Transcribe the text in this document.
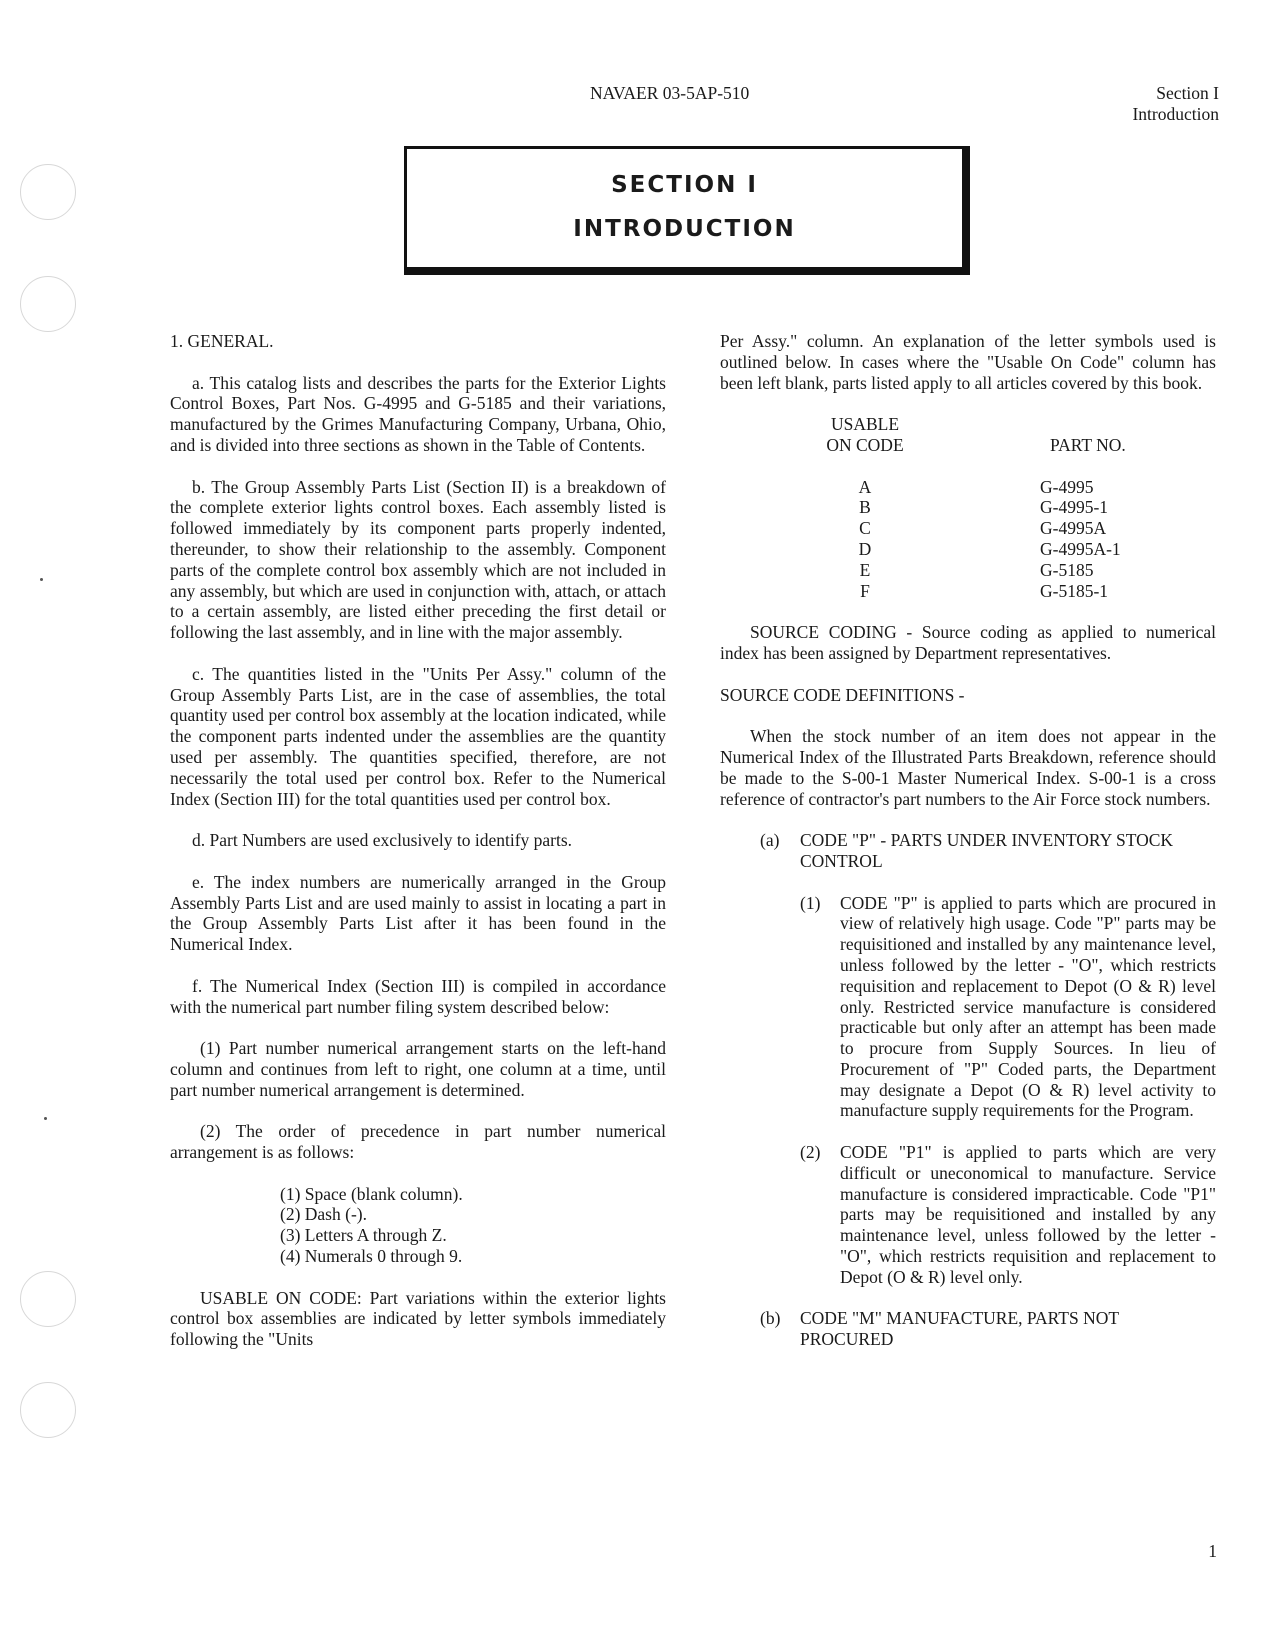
NAVAER 03-5AP-510	Section I
Introduction
SECTION I
INTRODUCTION

1. GENERAL.

a. This catalog lists and describes the parts for the Exterior Lights Control Boxes, Part Nos. G-4995 and G-5185 and their variations, manufactured by the Grimes Manufacturing Company, Urbana, Ohio, and is divided into three sections as shown in the Table of Contents.

b. The Group Assembly Parts List (Section II) is a breakdown of the complete exterior lights control boxes. Each assembly listed is followed immediately by its component parts properly indented, thereunder, to show their relationship to the assembly. Component parts of the complete control box assembly which are not included in any assembly, but which are used in conjunction with, attach, or attach to a certain assembly, are listed either preceding the first detail or following the last assembly, and in line with the major assembly.

c. The quantities listed in the "Units Per Assy." column of the Group Assembly Parts List, are in the case of assemblies, the total quantity used per control box assembly at the location indicated, while the component parts indented under the assemblies are the quantity used per assembly. The quantities specified, therefore, are not necessarily the total used per control box. Refer to the Numerical Index (Section III) for the total quantities used per control box.

d. Part Numbers are used exclusively to identify parts.

e. The index numbers are numerically arranged in the Group Assembly Parts List and are used mainly to assist in locating a part in the Group Assembly Parts List after it has been found in the Numerical Index.

f. The Numerical Index (Section III) is compiled in accordance with the numerical part number filing system described below:

(1) Part number numerical arrangement starts on the left-hand column and continues from left to right, one column at a time, until part number numerical arrangement is determined.

(2) The order of precedence in part number numerical arrangement is as follows:

(1) Space (blank column).
(2) Dash (-).
(3) Letters A through Z.
(4) Numerals 0 through 9.

USABLE ON CODE: Part variations within the exterior lights control box assemblies are indicated by letter symbols immediately following the "Units

Per Assy." column. An explanation of the letter symbols used is outlined below. In cases where the "Usable On Code" column has been left blank, parts listed apply to all articles covered by this book.

USABLE
ON CODE	PART NO.
A	G-4995
B	G-4995-1
C	G-4995A
D	G-4995A-1
E	G-5185
F	G-5185-1

SOURCE CODING - Source coding as applied to numerical index has been assigned by Department representatives.

SOURCE CODE DEFINITIONS -

When the stock number of an item does not appear in the Numerical Index of the Illustrated Parts Breakdown, reference should be made to the S-00-1 Master Numerical Index. S-00-1 is a cross reference of contractor's part numbers to the Air Force stock numbers.

(a)	CODE "P" - PARTS UNDER INVENTORY STOCK CONTROL
(1)	CODE "P" is applied to parts which are procured in view of relatively high usage. Code "P" parts may be requisitioned and installed by any maintenance level, unless followed by the letter - "O", which restricts requisition and replacement to Depot (O & R) level only. Restricted service manufacture is considered practicable but only after an attempt has been made to procure from Supply Sources. In lieu of Procurement of "P" Coded parts, the Department may designate a Depot (O & R) level activity to manufacture supply requirements for the Program.
(2)	CODE "P1" is applied to parts which are very difficult or uneconomical to manufacture. Service manufacture is considered impracticable. Code "P1" parts may be requisitioned and installed by any maintenance level, unless followed by the letter - "O", which restricts requisition and replacement to Depot (O & R) level only.
(b)	CODE "M" MANUFACTURE, PARTS NOT PROCURED
1
